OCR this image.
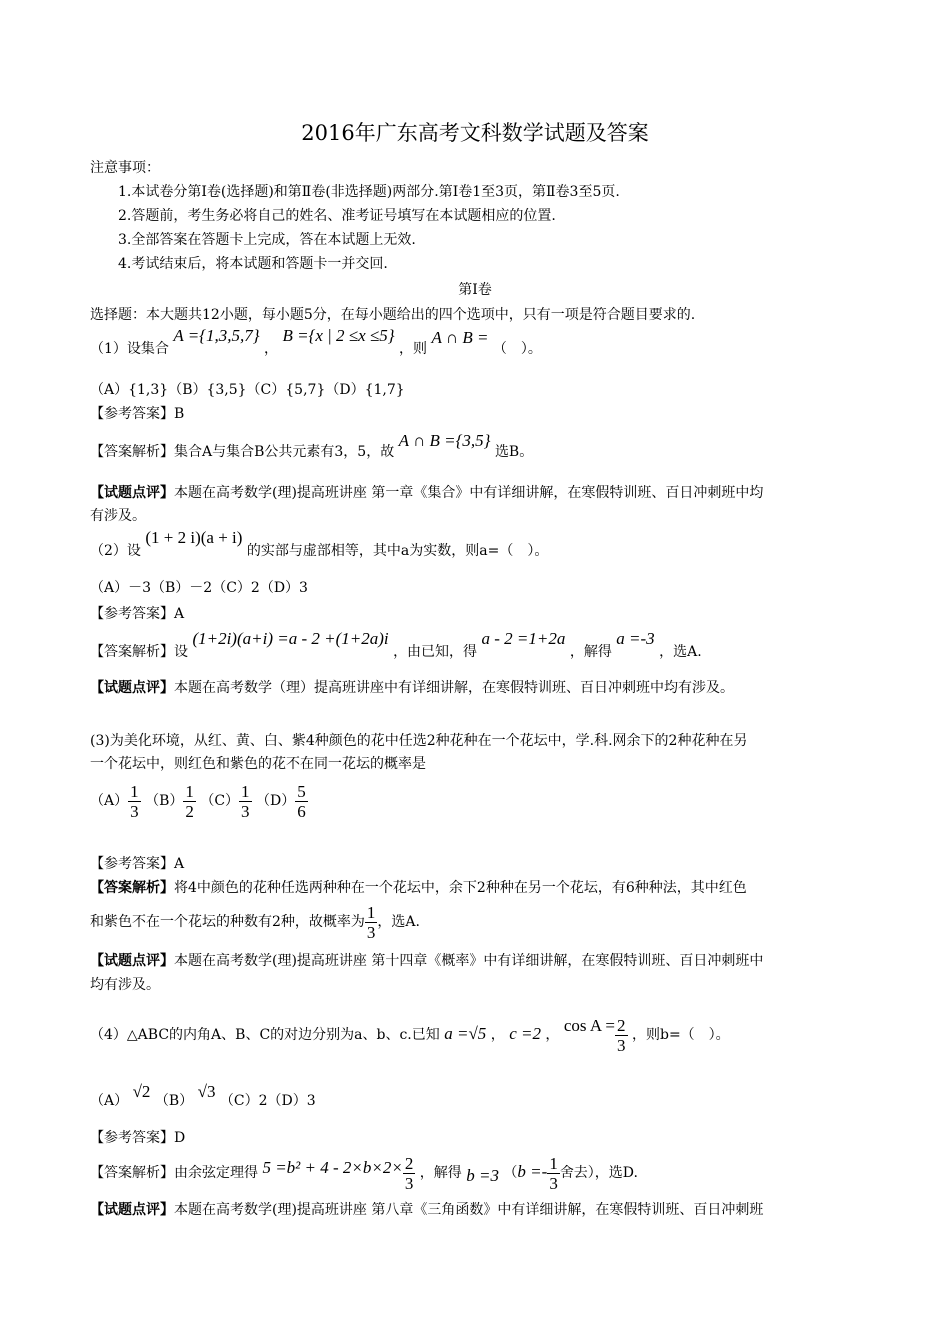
2016年广东高考文科数学试题及答案
注意事项：
1.本试卷分第Ⅰ卷(选择题)和第Ⅱ卷(非选择题)两部分.第Ⅰ卷1至3页，第Ⅱ卷3至5页.
2.答题前，考生务必将自己的姓名、准考证号填写在本试题相应的位置.
3.全部答案在答题卡上完成，答在本试题上无效.
4.考试结束后，将本试题和答题卡一并交回.
第Ⅰ卷
选择题：本大题共12小题，每小题5分，在每小题给出的四个选项中，只有一项是符合题目要求的.
（1）设集合 A ={1,3,5,7} ， B ={x | 2 ≤x ≤5} ，则 A ∩ B = （　）。
（A）{1,3}（B）{3,5}（C）{5,7}（D）{1,7}
【参考答案】B
【答案解析】集合A与集合B公共元素有3，5，故 A ∩ B ={3,5} 选B。
【试题点评】本题在高考数学(理)提高班讲座 第一章《集合》中有详细讲解，在寒假特训班、百日冲刺班中均
有涉及。
（2）设 (1 + 2 i)(a + i) 的实部与虚部相等，其中a为实数，则a=（　）。
（A）－3（B）－2（C）2（D）3
【参考答案】A
【答案解析】设 (1+2i)(a+i) =a - 2 +(1+2a)i ，由已知，得 a - 2 =1+2a ，解得 a =-3 ，选A.
【试题点评】本题在高考数学（理）提高班讲座中有详细讲解，在寒假特训班、百日冲刺班中均有涉及。
(3)为美化环境，从红、黄、白、紫4种颜色的花中任选2种花种在一个花坛中，学.科.网余下的2种花种在另
一个花坛中，则红色和紫色的花不在同一花坛的概率是
$(A) \frac{1}{3} (B) \frac{1}{2} (C) \frac{1}{3} (D) \frac{5}{6}$
【参考答案】A
【答案解析】将4中颜色的花种任选两种种在一个花坛中，余下2种种在另一个花坛，有6种种法，其中红色
和紫色不在一个花坛的种数有2种，故概率为 $\frac{1}{3}$ ，选A.
【试题点评】本题在高考数学(理)提高班讲座 第十四章《概率》中有详细讲解，在寒假特训班、百日冲刺班中
均有涉及。
（4）△ABC的内角A、B、C的对边分别为a、b、c.已知 a =√5 ， c =2 ， $\cos A = \frac{2}{3}$ ，则b=（　）。
（A） √2 （B） √3 （C）2（D）3
【参考答案】D
【答案解析】由余弦定理得 $5 =b^2 + 4 - 2\times b\times 2\times \frac{2}{3}$ ，解得 b =3 （$b =- \frac{1}{3}$ 舍去），选D.
【试题点评】本题在高考数学(理)提高班讲座 第八章《三角函数》中有详细讲解，在寒假特训班、百日冲刺班
